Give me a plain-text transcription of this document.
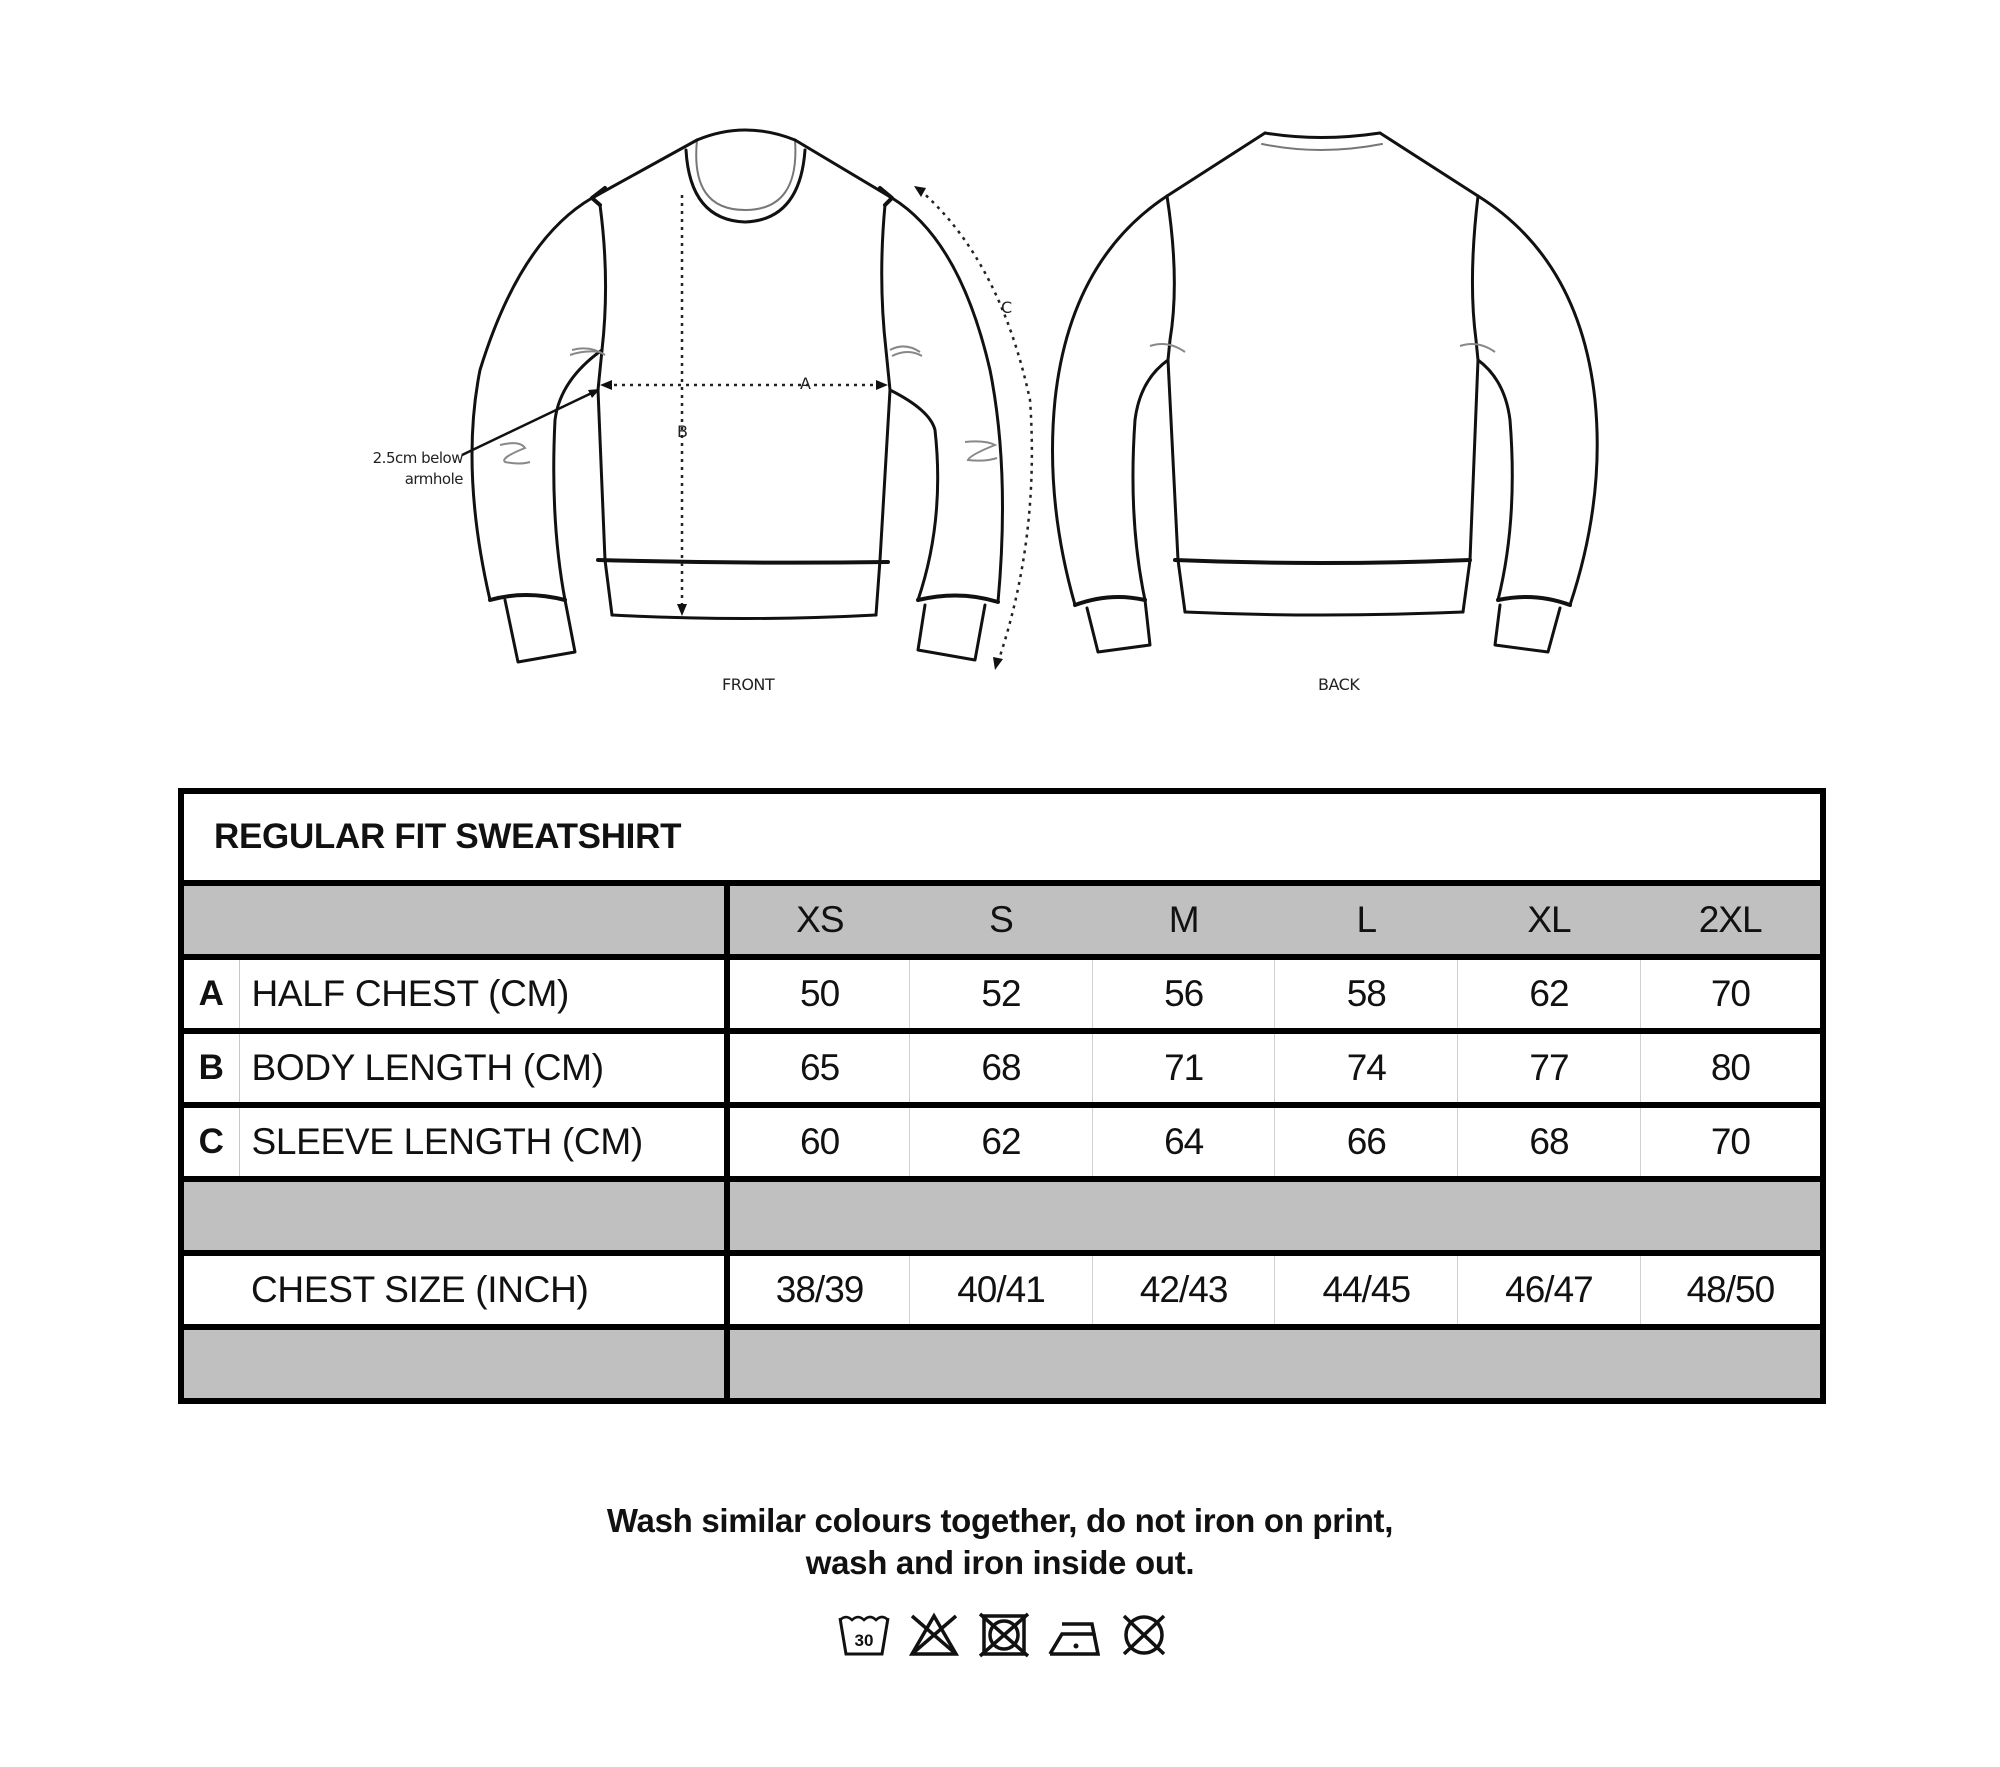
A
B
C
2.5cm below
armhole
FRONT	BACK
REGULAR FIT SWEATSHIRT							
		XS	S	M	L	XL	2XL
A	HALF CHEST (CM)	50	52	56	58	62	70
B	BODY LENGTH (CM)	65	68	71	74	77	80
C	SLEEVE LENGTH (CM)	60	62	64	66	68	70

	CHEST SIZE (INCH)	38/39	40/41	42/43	44/45	46/47	48/50

Wash similar colours together, do not iron on print,
wash and iron inside out.
30
